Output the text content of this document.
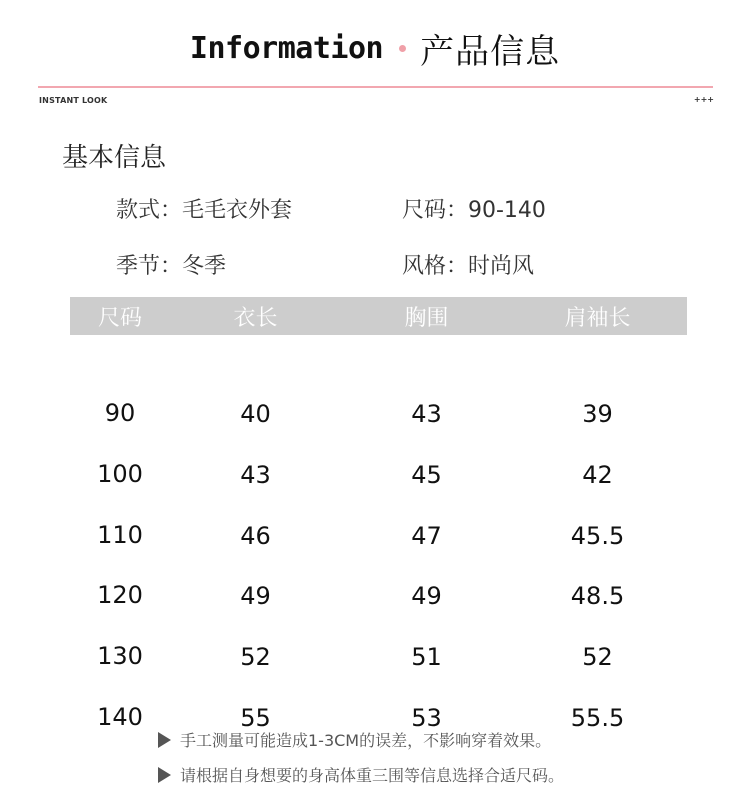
Information 产品信息
INSTANT LOOK	+++
基本信息
款式：毛毛衣外套	尺码：90-140
季节：冬季	风格：时尚风
尺码	衣长	胸围	肩袖长
90	40	43	39
100	43	45	42
110	46	47	45.5
120	49	49	48.5
130	52	51	52
140	55	53	55.5
手工测量可能造成1-3CM的误差，不影响穿着效果。
请根据自身想要的身高体重三围等信息选择合适尺码。
